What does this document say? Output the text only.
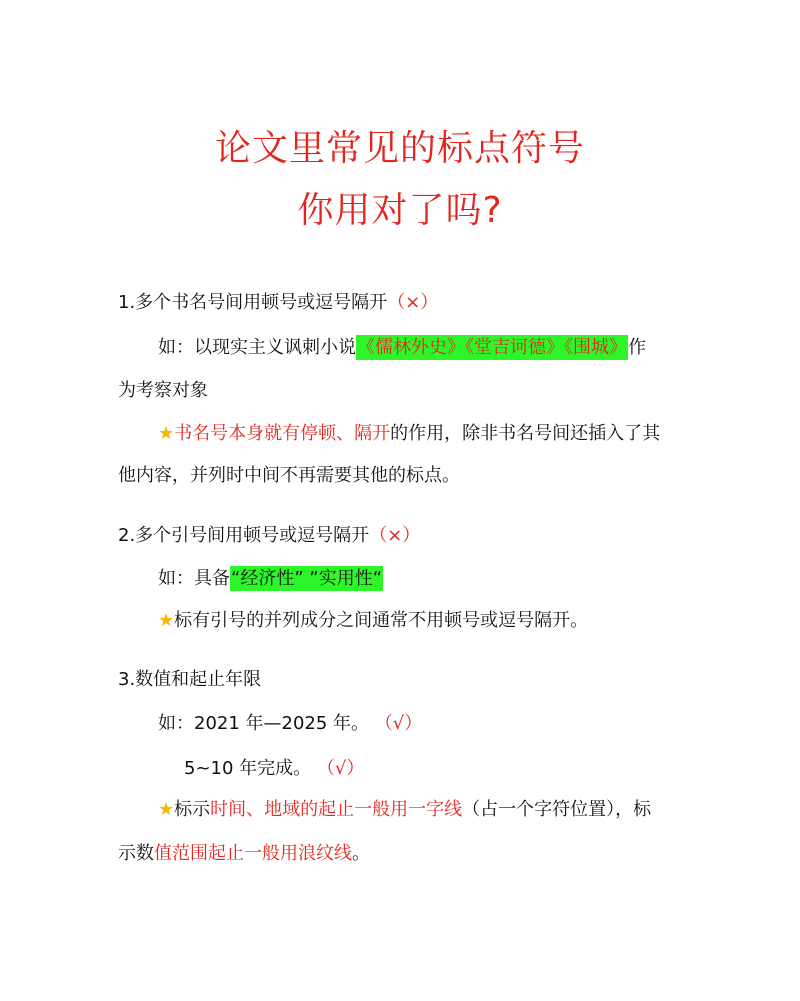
论文里常见的标点符号
你用对了吗?
1.多个书名号间用顿号或逗号隔开（×）
如：以现实主义讽刺小说《儒林外史》《堂吉诃德》《围城》作
为考察对象
★书名号本身就有停顿、隔开的作用，除非书名号间还插入了其
他内容，并列时中间不再需要其他的标点。
2.多个引号间用顿号或逗号隔开（×）
如：具备“经济性” ”实用性“
★标有引号的并列成分之间通常不用顿号或逗号隔开。
3.数值和起止年限
如：2021 年—2025 年。 （√）
5~10 年完成。 （√）
★标示时间、地域的起止一般用一字线（占一个字符位置），标
示数值范围起止一般用浪纹线。
